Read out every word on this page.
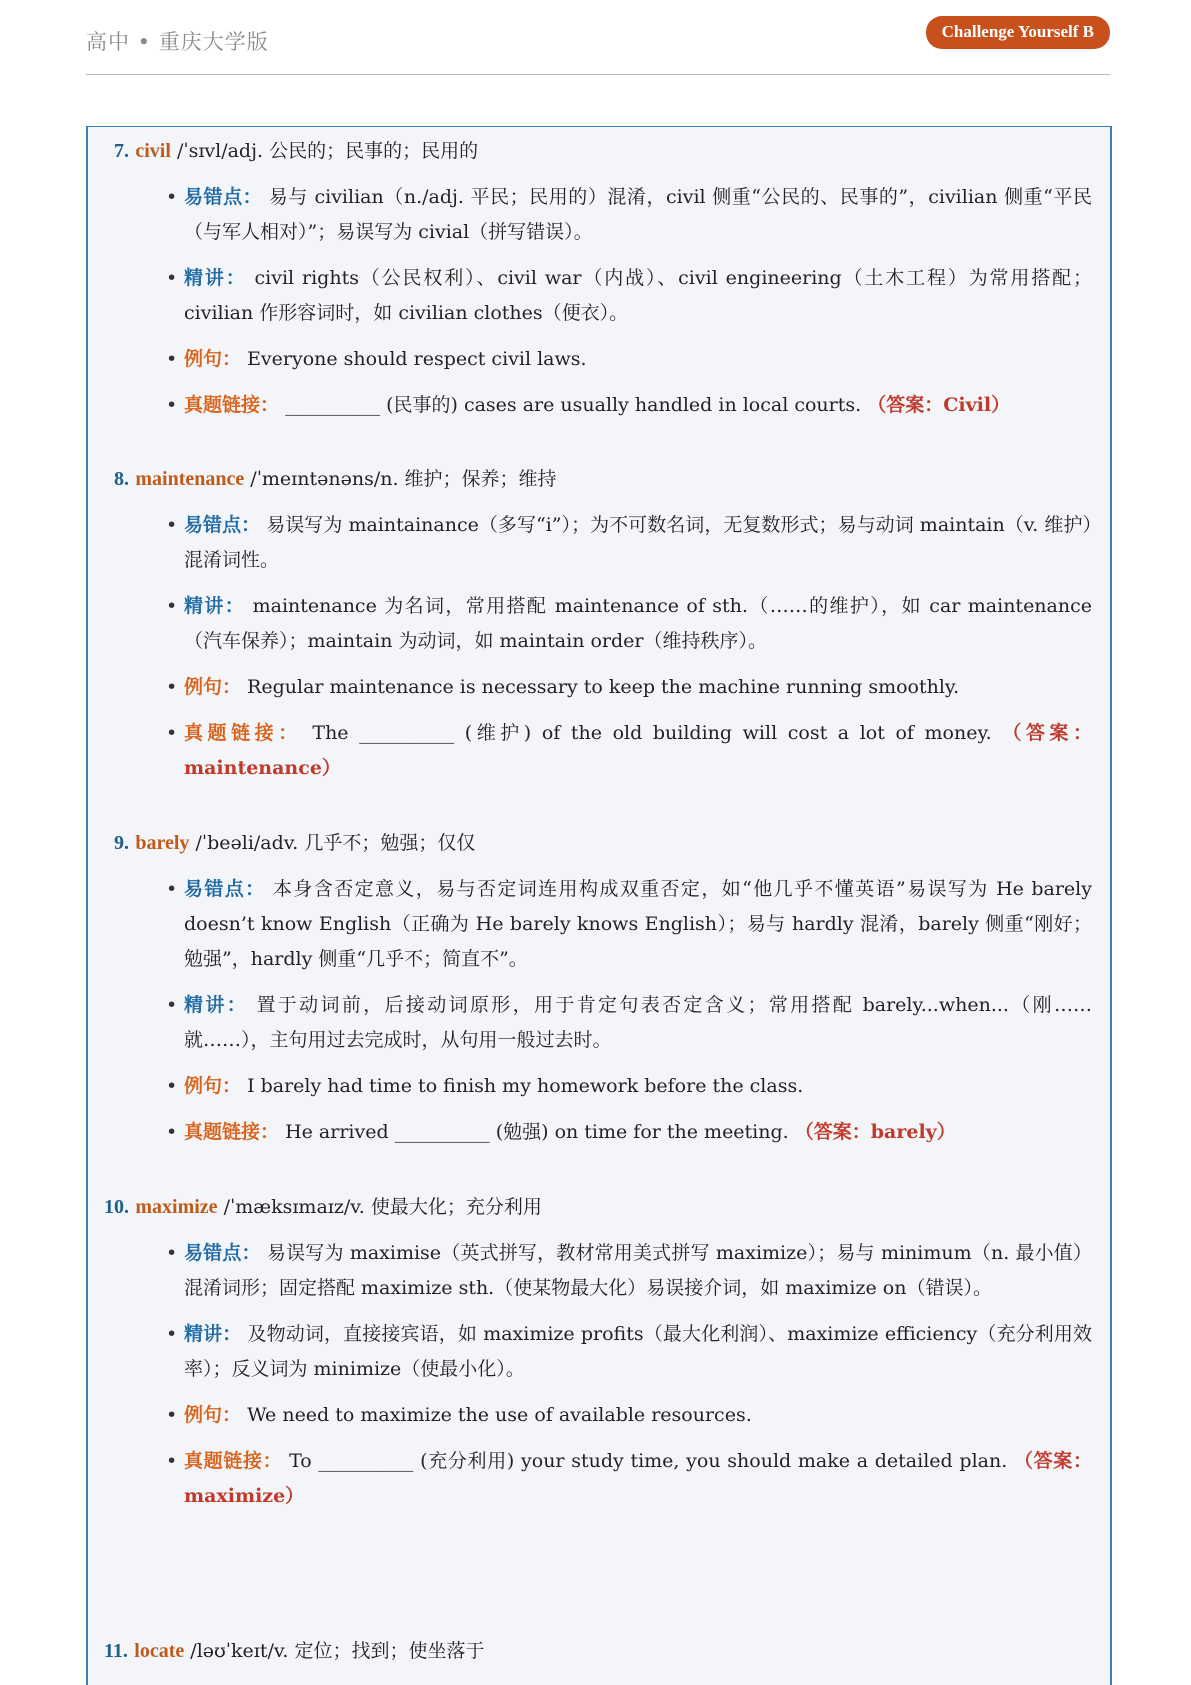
高中 • 重庆大学版	Challenge Yourself B
7. civil /ˈsɪvl/adj. 公民的；民事的；民用的
• 易错点： 易与 civilian（n./adj. 平民；民用的）混淆，civil 侧重“公民的、民事的”，civilian 侧重“平民（与军人相对）”；易误写为 civial（拼写错误）。
• 精讲： civil rights（公民权利）、civil war（内战）、civil engineering（土木工程）为常用搭配；civilian 作形容词时，如 civilian clothes（便衣）。
• 例句： Everyone should respect civil laws.
• 真题链接： __________ (民事的) cases are usually handled in local courts. （答案：Civil）
8. maintenance /ˈmeɪntənəns/n. 维护；保养；维持
• 易错点： 易误写为 maintainance（多写“i”）；为不可数名词，无复数形式；易与动词 maintain（v. 维护）混淆词性。
• 精讲： maintenance 为名词，常用搭配 maintenance of sth.（……的维护），如 car maintenance（汽车保养）；maintain 为动词，如 maintain order（维持秩序）。
• 例句： Regular maintenance is necessary to keep the machine running smoothly.
• 真题链接： The __________ (维护) of the old building will cost a lot of money. （答案：maintenance）
9. barely /ˈbeəli/adv. 几乎不；勉强；仅仅
• 易错点： 本身含否定意义，易与否定词连用构成双重否定，如“他几乎不懂英语”易误写为 He barely doesn’t know English（正确为 He barely knows English）；易与 hardly 混淆，barely 侧重“刚好；勉强”，hardly 侧重“几乎不；简直不”。
• 精讲： 置于动词前，后接动词原形，用于肯定句表否定含义；常用搭配 barely...when...（刚……就……），主句用过去完成时，从句用一般过去时。
• 例句： I barely had time to finish my homework before the class.
• 真题链接： He arrived __________ (勉强) on time for the meeting. （答案：barely）
10. maximize /ˈmæksɪmaɪz/v. 使最大化；充分利用
• 易错点： 易误写为 maximise（英式拼写，教材常用美式拼写 maximize）；易与 minimum（n. 最小值）混淆词形；固定搭配 maximize sth.（使某物最大化）易误接介词，如 maximize on（错误）。
• 精讲： 及物动词，直接接宾语，如 maximize profits（最大化利润）、maximize efficiency（充分利用效率）；反义词为 minimize（使最小化）。
• 例句： We need to maximize the use of available resources.
• 真题链接： To __________ (充分利用) your study time, you should make a detailed plan. （答案：maximize）
11. locate /ləʊˈkeɪt/v. 定位；找到；使坐落于
